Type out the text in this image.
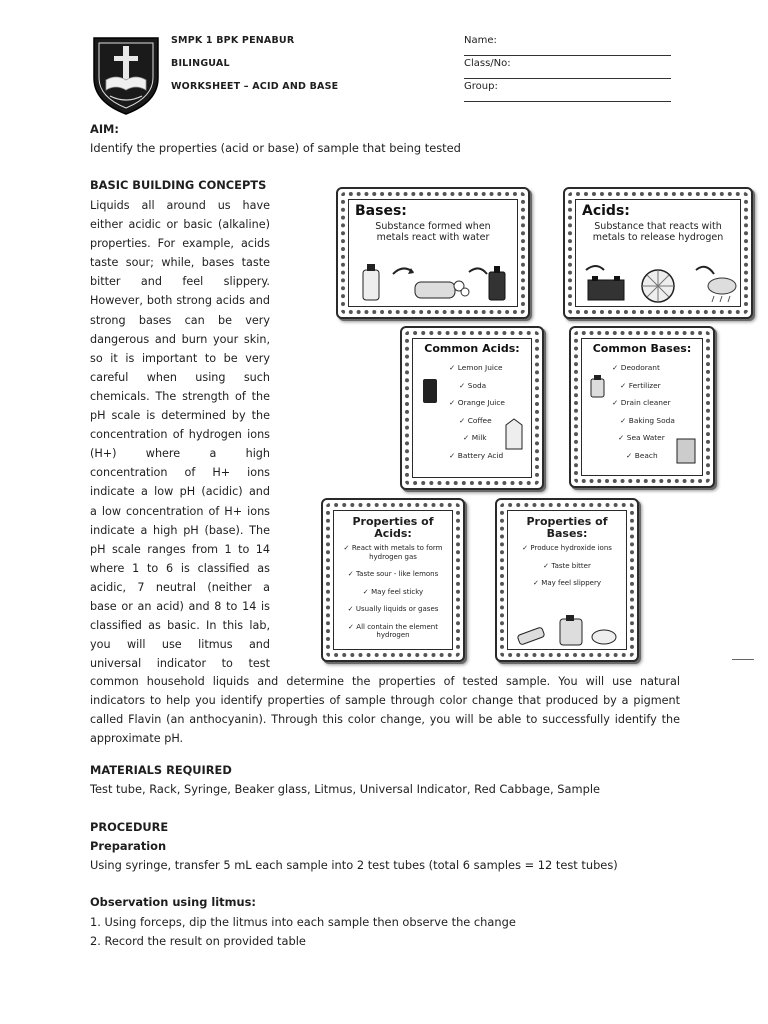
SMPK 1 BPK PENABUR
BILINGUAL
WORKSHEET – ACID AND BASE
Name:
Class/No:
Group:
AIM:
Identify the properties (acid or base) of sample that being tested
BASIC BUILDING CONCEPTS
Liquids all around us have
either acidic or basic (alkaline)
properties. For example, acids
taste sour; while, bases taste
bitter and feel slippery.
However, both strong acids and
strong bases can be very
dangerous and burn your skin,
so it is important to be very
careful when using such
chemicals. The strength of the
pH scale is determined by the
concentration of hydrogen ions
(H+) where a high
concentration of H+ ions
indicate a low pH (acidic) and
a low concentration of H+ ions
indicate a high pH (base). The
pH scale ranges from 1 to 14
where 1 to 6 is classified as
acidic, 7 neutral (neither a
base or an acid) and 8 to 14 is
classified as basic. In this lab,
you will use litmus and
universal indicator to test
common household liquids and determine the properties of tested sample. You will use natural
indicators to help you identify properties of sample through color change that produced by a pigment
called Flavin (an anthocyanin). Through this color change, you will be able to successfully identify the
approximate pH.
Bases:
Substance formed when metals react with water
Acids:
Substance that reacts with metals to release hydrogen
Common Acids:
✓ Lemon Juice
✓ Soda
✓ Orange Juice
✓ Coffee
✓ Milk
✓ Battery Acid
Common Bases:
✓ Deodorant
✓ Fertilizer
✓ Drain cleaner
✓ Baking Soda
✓ Sea Water
✓ Beach
Properties of Acids:
✓ React with metals to form hydrogen gas
✓ Taste sour - like lemons
✓ May feel sticky
✓ Usually liquids or gases
✓ All contain the element hydrogen
Properties of Bases:
✓ Produce hydroxide ions
✓ Taste bitter
✓ May feel slippery
MATERIALS REQUIRED
Test tube, Rack, Syringe, Beaker glass, Litmus, Universal Indicator, Red Cabbage, Sample
PROCEDURE
Preparation
Using syringe, transfer 5 mL each sample into 2 test tubes (total 6 samples = 12 test tubes)
Observation using litmus:
1. Using forceps, dip the litmus into each sample then observe the change
2. Record the result on provided table
